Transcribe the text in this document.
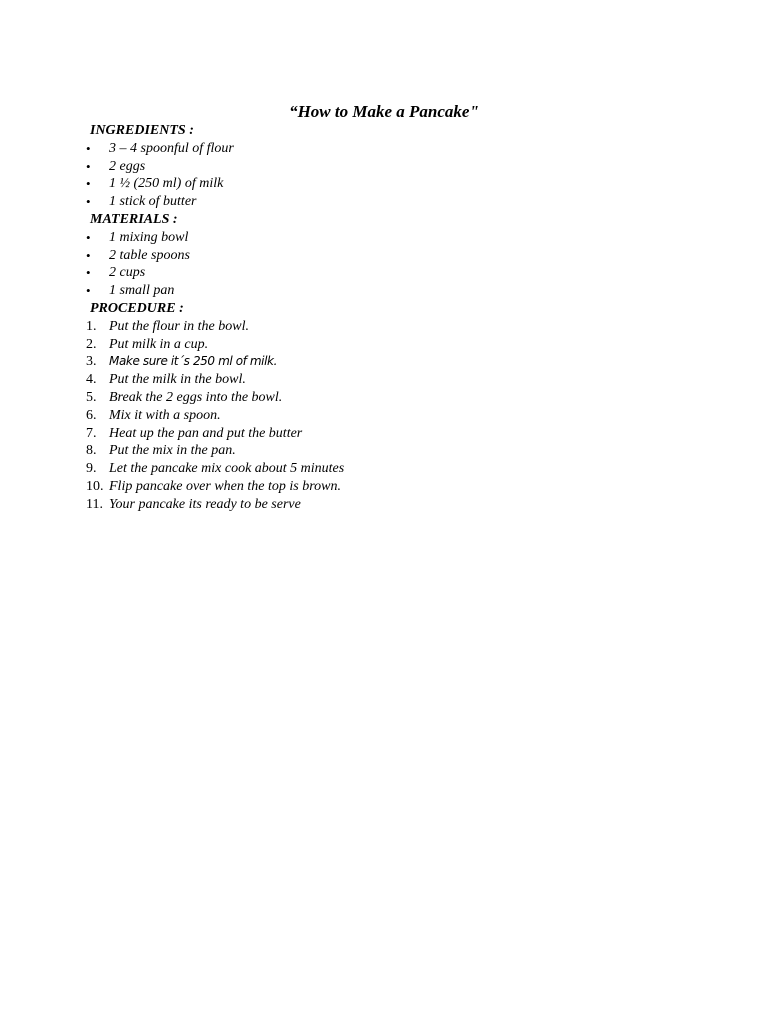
“How to Make a Pancake"
INGREDIENTS :
• 3 – 4 spoonful of flour
• 2 eggs
• 1 ½ (250 ml) of milk
• 1 stick of butter
MATERIALS :
• 1 mixing bowl
• 2 table spoons
• 2 cups
• 1 small pan
PROCEDURE :
1. Put the flour in the bowl.
2. Put milk in a cup.
3. Make sure it´s 250 ml of milk.
4. Put the milk in the bowl.
5. Break the 2 eggs into the bowl.
6. Mix it with a spoon.
7. Heat up the pan and put the butter
8. Put the mix in the pan.
9. Let the pancake mix cook about 5 minutes
10. Flip pancake over when the top is brown.
11. Your pancake its ready to be serve
